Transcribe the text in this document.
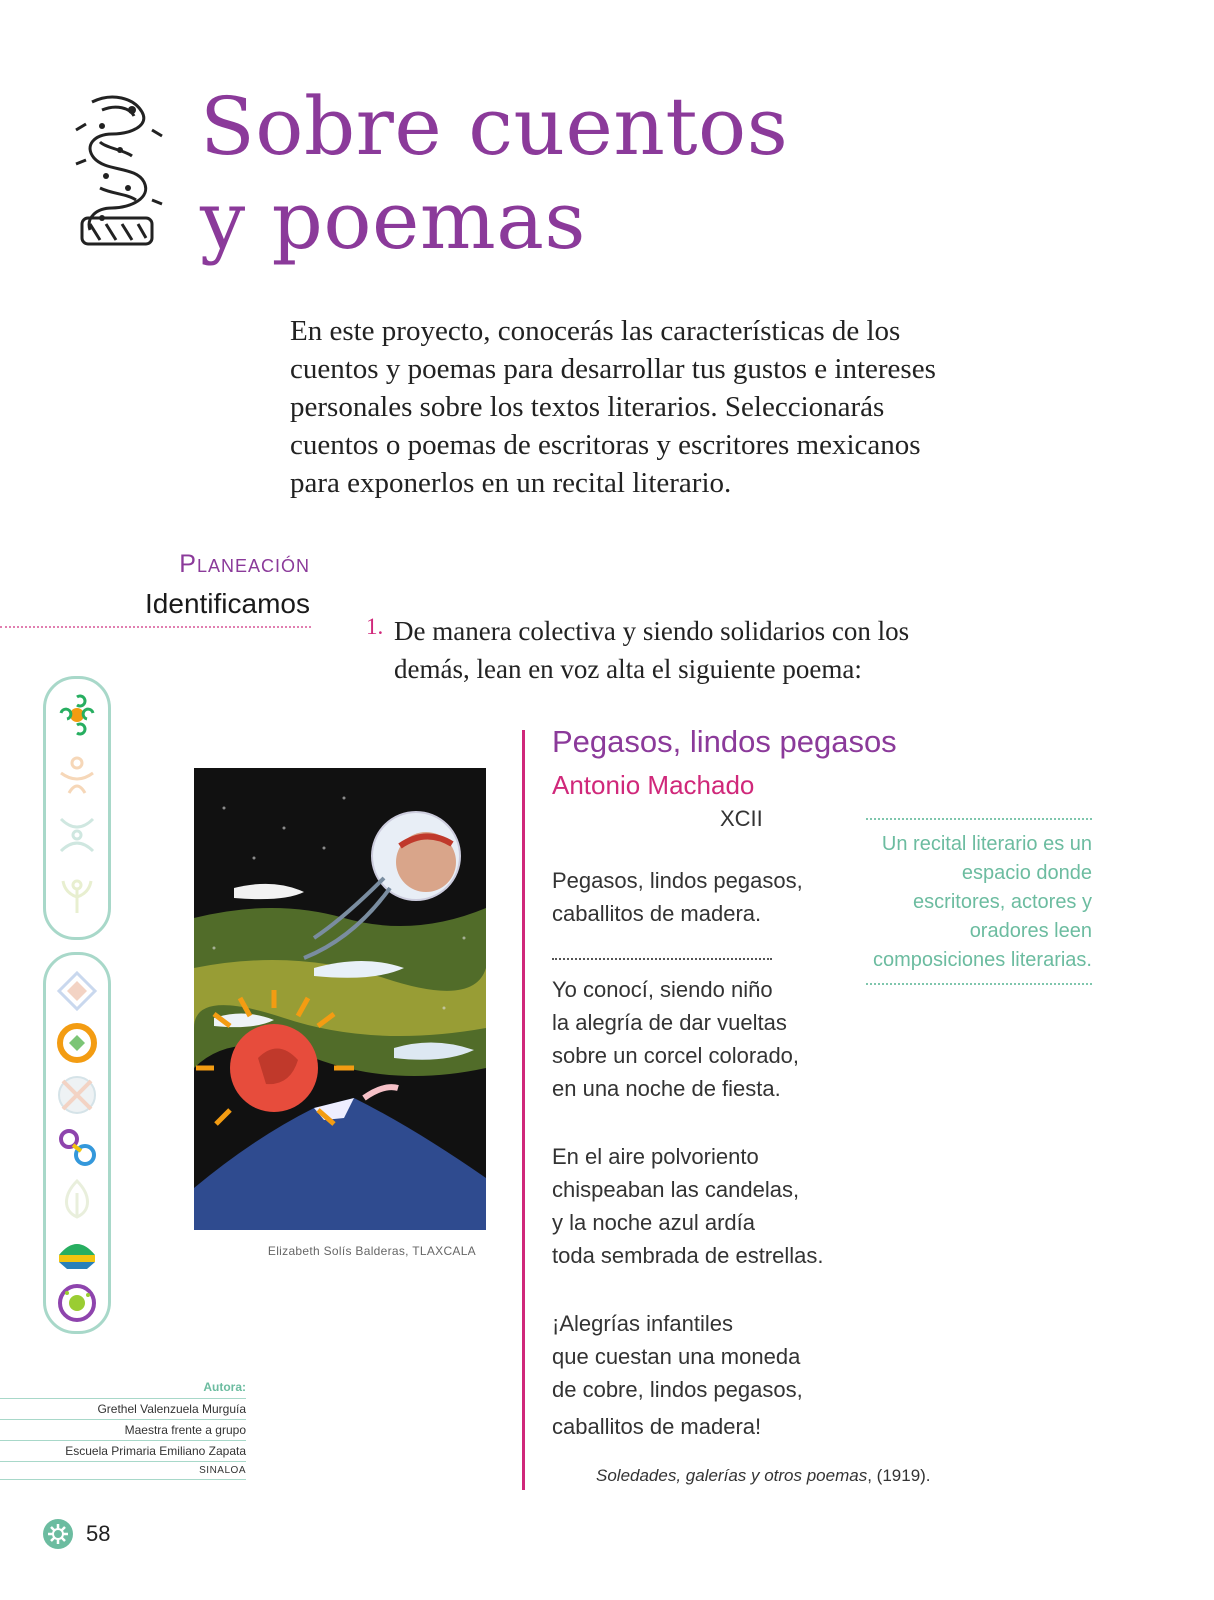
Sobre cuentos
y poemas

En este proyecto, conocerás las características de los cuentos y poemas para desarrollar tus gustos e intereses personales sobre los textos literarios. Seleccionarás cuentos o poemas de escritoras y escritores mexicanos para exponerlos en un recital literario.

Planeación
Identificamos
1. De manera colectiva y siendo solidarios con los demás, lean en voz alta el siguiente poema:

Elizabeth Solís Balderas, TLAXCALA
Pegasos, lindos pegasos
Antonio Machado
XCII

Pegasos, lindos pegasos,
caballitos de madera.

Yo conocí, siendo niño
la alegría de dar vueltas
sobre un corcel colorado,
en una noche de fiesta.

En el aire polvoriento
chispeaban las candelas,
y la noche azul ardía
toda sembrada de estrellas.

¡Alegrías infantiles
que cuestan una moneda
de cobre, lindos pegasos,
caballitos de madera!

Soledades, galerías y otros poemas, (1919).
Un recital literario es un espacio donde escritores, actores y oradores leen composiciones literarias.
Autora:
Grethel Valenzuela Murguía
Maestra frente a grupo
Escuela Primaria Emiliano Zapata
SINALOA
58
